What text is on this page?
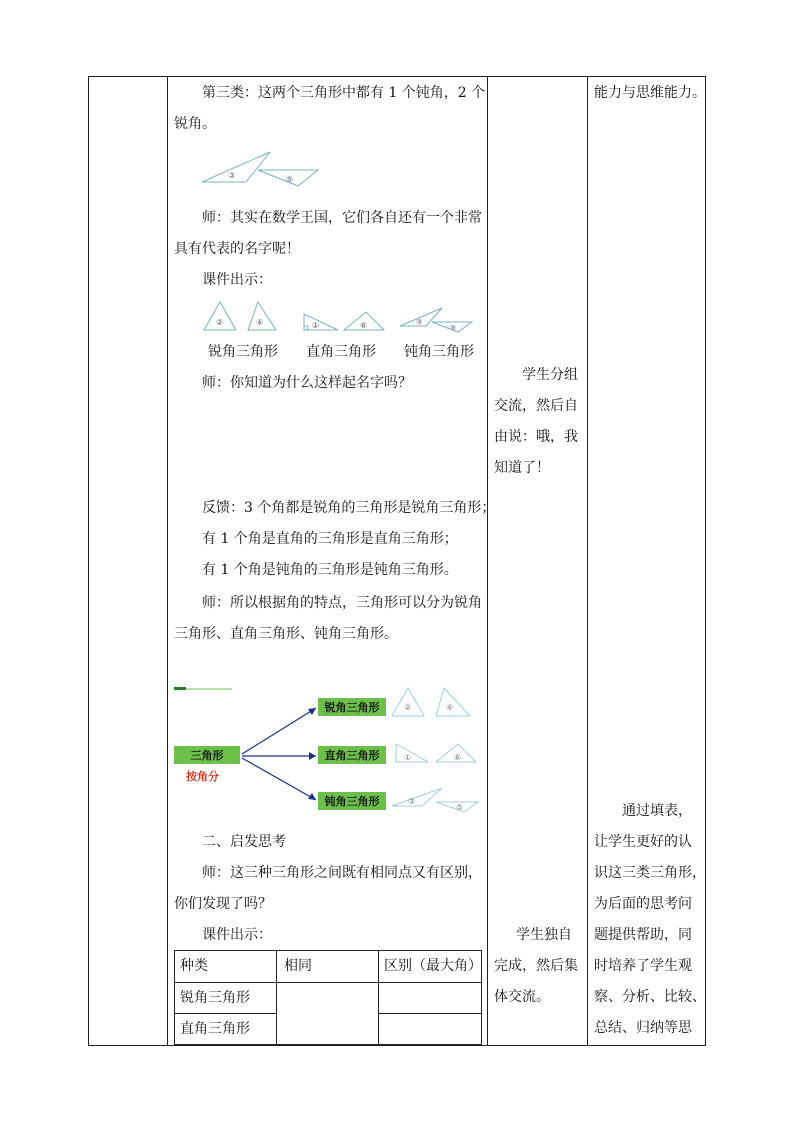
第三类：这两个三角形中都有 1 个钝角，2 个
锐角。
③	⑤
师：其实在数学王国，它们各自还有一个非常
具有代表的名字呢！
课件出示：
②	④	①	⑥	③
⑤
锐角三角形 直角三角形 钝角三角形
师：你知道为什么这样起名字吗？
反馈：3 个角都是锐角的三角形是锐角三角形；
有 1 个角是直角的三角形是直角三角形；
有 1 个角是钝角的三角形是钝角三角形。
师：所以根据角的特点，三角形可以分为锐角
三角形、直角三角形、钝角三角形。
②	④
①	⑥
③
⑤
三角形
按角分
锐角三角形
直角三角形
钝角三角形
二、启发思考
师：这三种三角形之间既有相同点又有区别，
你们发现了吗？
课件出示：
种类	相同	区别（最大角）
锐角三角形
直角三角形
学生分组
交流，然后自
由说：哦，我
知道了！
学生独自
完成，然后集
体交流。
能力与思维能力。
通过填表，
让学生更好的认
识这三类三角形，
为后面的思考问
题提供帮助，同
时培养了学生观
察、分析、比较、
总结、归纳等思
